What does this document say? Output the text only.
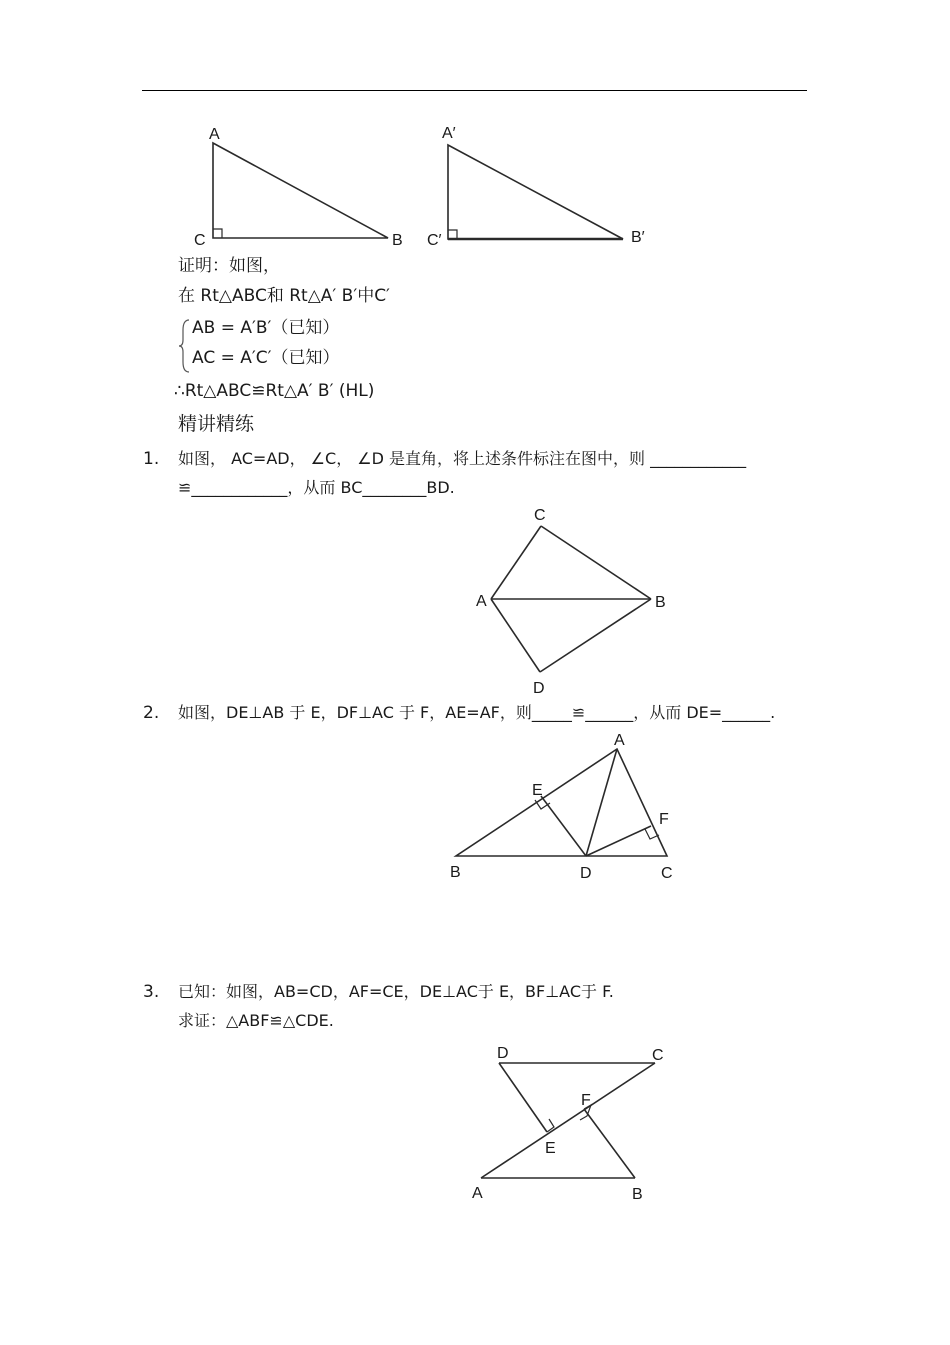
A
B
C
A′
B′
C′
C
A	B
D
A
E
F
B	D	C
D	C
F
E
A	B
证明：如图，
在 Rt△ABC和 Rt△A′ B′中C′
AB = A′B′（已知）
AC = A′C′（已知）
∴Rt△ABC≌Rt△A′ B′ (HL)
精讲精练
1. 如图， AC=AD， ∠C， ∠D 是直角，将上述条件标注在图中，则 ____________
≌____________，从而 BC________BD.
2. 如图，DE⊥AB 于 E，DF⊥AC 于 F，AE=AF，则_____≌______，从而 DE=______.
3. 已知：如图，AB=CD，AF=CE，DE⊥AC于 E，BF⊥AC于 F.
求证：△ABF≌△CDE.
